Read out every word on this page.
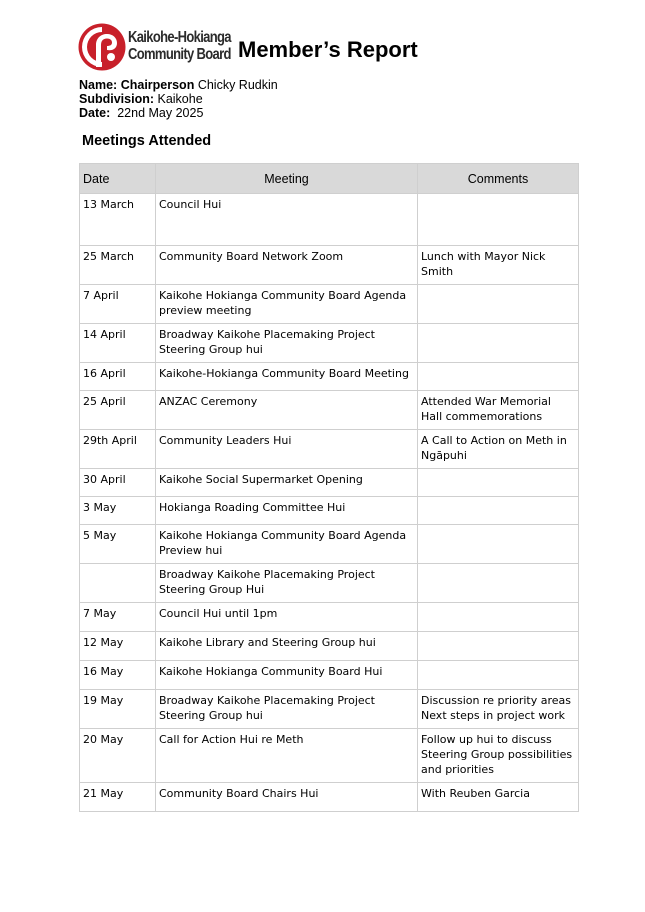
Kaikohe-Hokianga
Community Board Member’s Report
Name: Chairperson Chicky Rudkin
Subdivision: Kaikohe
Date: 22nd May 2025
Meetings Attended
Date	Meeting	Comments
13 March	Council Hui	
25 March	Community Board Network Zoom	Lunch with Mayor Nick Smith
7 April	Kaikohe Hokianga Community Board Agenda preview meeting	
14 April	Broadway Kaikohe Placemaking Project Steering Group hui	
16 April	Kaikohe-Hokianga Community Board Meeting	
25 April	ANZAC Ceremony	Attended War Memorial Hall commemorations
29th April	Community Leaders Hui	A Call to Action on Meth in Ngāpuhi
30 April	Kaikohe Social Supermarket Opening	
3 May	Hokianga Roading Committee Hui	
5 May	Kaikohe Hokianga Community Board Agenda Preview hui	
	Broadway Kaikohe Placemaking Project Steering Group Hui	
7 May	Council Hui until 1pm	
12 May	Kaikohe Library and Steering Group hui	
16 May	Kaikohe Hokianga Community Board Hui	
19 May	Broadway Kaikohe Placemaking Project Steering Group hui	Discussion re priority areas Next steps in project work
20 May	Call for Action Hui re Meth	Follow up hui to discuss Steering Group possibilities and priorities
21 May	Community Board Chairs Hui	With Reuben Garcia
